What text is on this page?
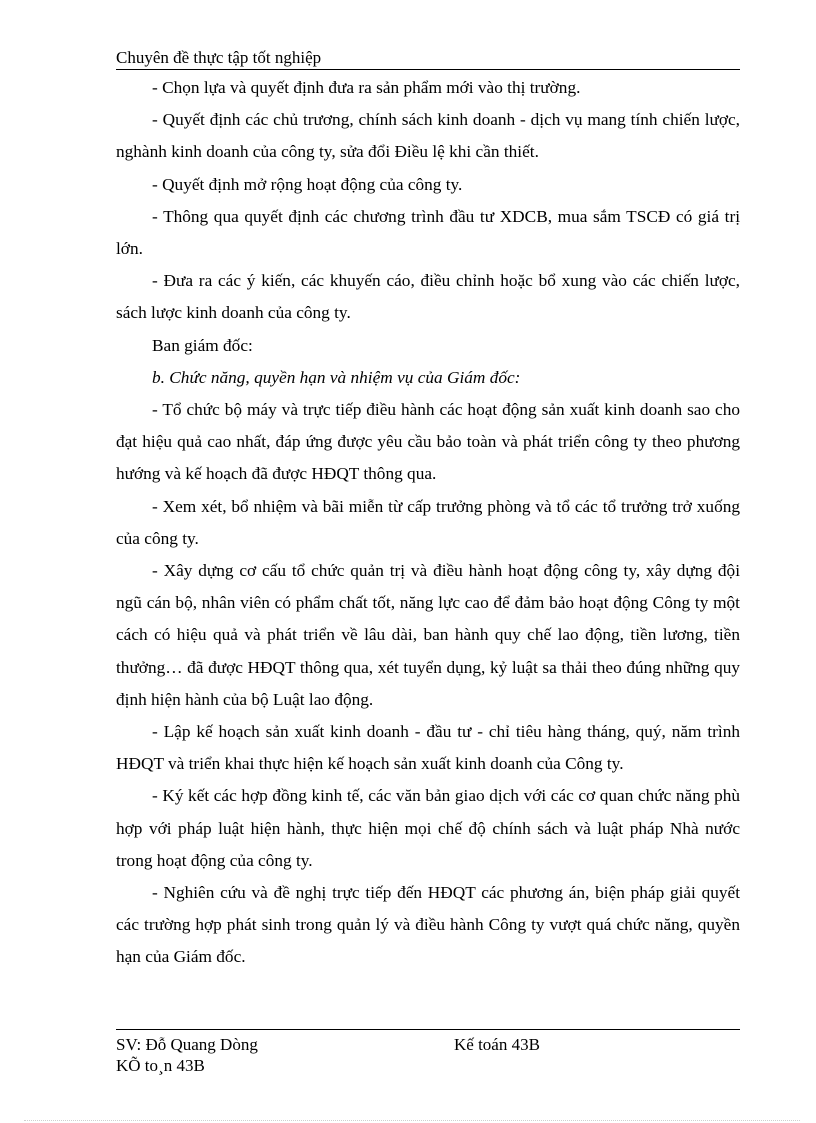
Chuyên đề thực tập tốt nghiệp

- Chọn lựa và quyết định đưa ra sản phẩm mới vào thị trường.

- Quyết định các chủ trương, chính sách kinh doanh - dịch vụ mang tính chiến lược, nghành kinh doanh của công ty, sửa đổi Điều lệ khi cần thiết.

- Quyết định mở rộng hoạt động của công ty.

- Thông qua quyết định các chương trình đầu tư XDCB, mua sắm TSCĐ có giá trị lớn.

- Đưa ra các ý kiến, các khuyến cáo, điều chỉnh hoặc bổ xung vào các chiến lược, sách lược kinh doanh của công ty.

Ban giám đốc:

b. Chức năng, quyền hạn và nhiệm vụ của Giám đốc:

- Tổ chức bộ máy và trực tiếp điều hành các hoạt động sản xuất kinh doanh sao cho đạt hiệu quả cao nhất, đáp ứng được yêu cầu bảo toàn và phát triển công ty theo phương hướng và kế hoạch đã được HĐQT thông qua.

- Xem xét, bổ nhiệm và bãi miễn từ cấp trưởng phòng và tổ các tổ trưởng trở xuống của công ty.

- Xây dựng cơ cấu tổ chức quản trị và điều hành hoạt động công ty, xây dựng đội ngũ cán bộ, nhân viên có phẩm chất tốt, năng lực cao để đảm bảo hoạt động Công ty một cách có hiệu quả và phát triển về lâu dài, ban hành quy chế lao động, tiền lương, tiền thưởng… đã được HĐQT thông qua, xét tuyển dụng, kỷ luật sa thải theo đúng những quy định hiện hành của bộ Luật lao động.

- Lập kế hoạch sản xuất kinh doanh - đầu tư - chỉ tiêu hàng tháng, quý, năm trình HĐQT và triển khai thực hiện kế hoạch sản xuất kinh doanh của Công ty.

- Ký kết các hợp đồng kinh tế, các văn bản giao dịch với các cơ quan chức năng phù hợp với pháp luật hiện hành, thực hiện mọi chế độ chính sách và luật pháp Nhà nước trong hoạt động của công ty.

- Nghiên cứu và đề nghị trực tiếp đến HĐQT các phương án, biện pháp giải quyết các trường hợp phát sinh trong quản lý và điều hành Công ty vượt quá chức năng, quyền hạn của Giám đốc.

SV: Đỗ Quang Dòng	Kế toán 43B
KÕ to¸n 43B
